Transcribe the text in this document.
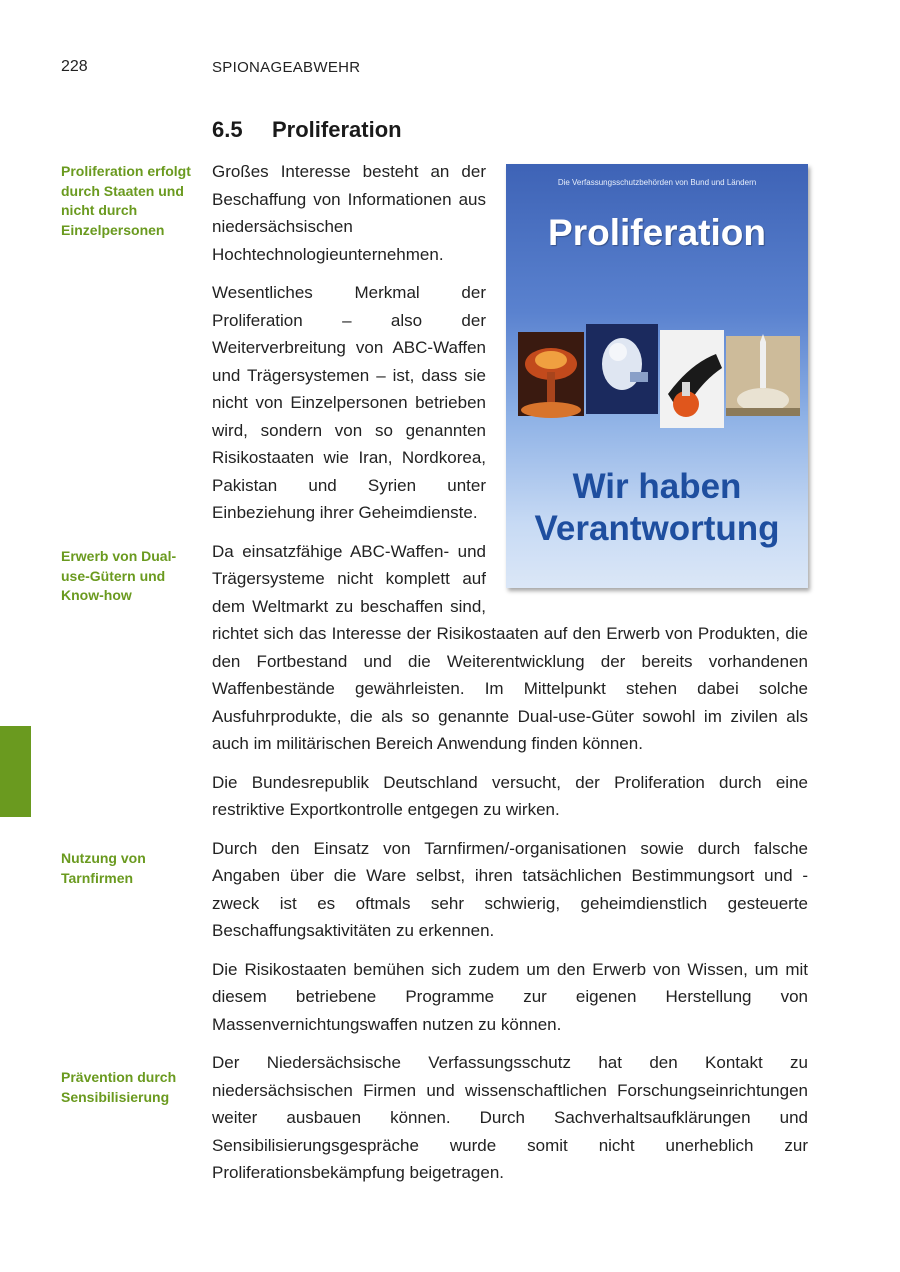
228	SPIONAGEABWEHR
6.5 Proliferation
Proliferation erfolgt durch Staaten und nicht durch Einzelpersonen
Erwerb von Dual-use-Gütern und Know-how
Nutzung von Tarnfirmen
Prävention durch Sensibilisierung

Großes Interesse besteht an der Beschaffung von Informationen aus niedersächsischen Hochtechnologieunternehmen.

Wesentliches Merkmal der Proliferation – also der Weiterverbreitung von ABC-Waffen und Trägersystemen – ist, dass sie nicht von Einzelpersonen betrieben wird, sondern von so genannten Risikostaaten wie Iran, Nordkorea, Pakistan und Syrien unter Einbeziehung ihrer Geheimdienste.

Da einsatzfähige ABC-Waffen- und Trägersysteme nicht komplett auf dem Weltmarkt zu beschaffen sind, richtet sich das Interesse der Risikostaaten auf den Erwerb von Produkten, die den Fortbestand und die Weiterentwicklung der bereits vorhandenen Waffenbestände gewährleisten. Im Mittelpunkt stehen dabei solche Ausfuhrprodukte, die als so genannte Dual-use-Güter sowohl im zivilen als auch im militärischen Bereich Anwendung finden können.

Die Bundesrepublik Deutschland versucht, der Proliferation durch eine restriktive Exportkontrolle entgegen zu wirken.

Durch den Einsatz von Tarnfirmen/-organisationen sowie durch falsche Angaben über die Ware selbst, ihren tatsächlichen Bestimmungsort und -zweck ist es oftmals sehr schwierig, geheimdienstlich gesteuerte Beschaffungsaktivitäten zu erkennen.

Die Risikostaaten bemühen sich zudem um den Erwerb von Wissen, um mit diesem betriebene Programme zur eigenen Herstellung von Massenvernichtungswaffen nutzen zu können.

Der Niedersächsische Verfassungsschutz hat den Kontakt zu niedersächsischen Firmen und wissenschaftlichen Forschungseinrichtungen weiter ausbauen können. Durch Sachverhaltsaufklärungen und Sensibilisierungsgespräche wurde somit nicht unerheblich zur Proliferationsbekämpfung beigetragen.

Die Verfassungsschutzbehörden von Bund und Ländern
Proliferation
Wir haben
Verantwortung
